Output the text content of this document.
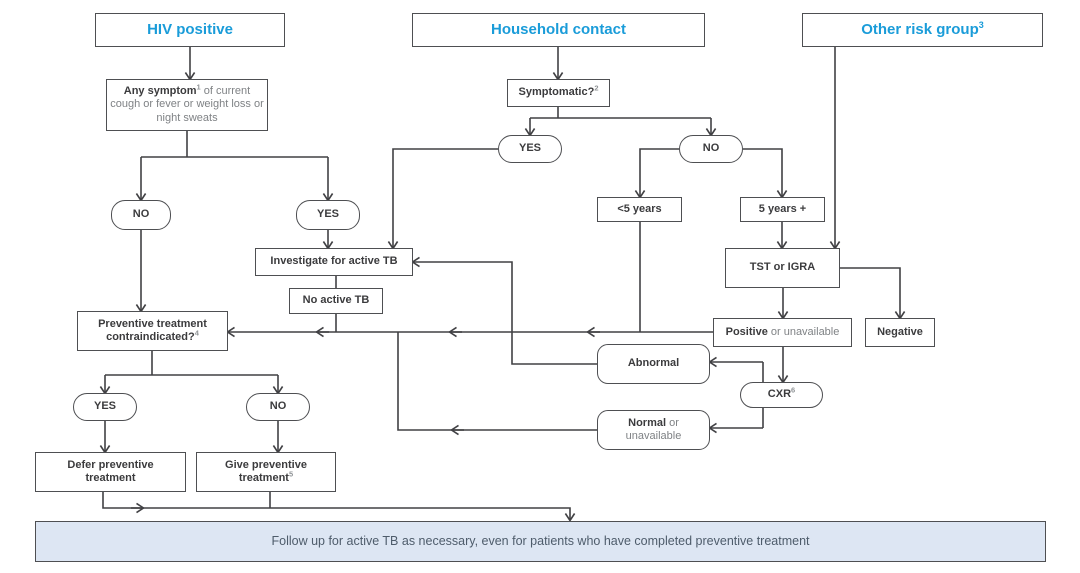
HIV positive	Household contact	Other risk group$^3$
Any symptom$^1$ of current cough or fever or weight loss or night sweats
NO	YES
Investigate for active TB
No active TB
Preventive treatment
contraindicated?$^4$
YES	NO
Defer preventive
treatment
Give preventive
treatment$^5$
Symptomatic?$^2$
YES	NO
<5 years	5 years +
TST or IGRA
Negative
Positive or unavailable
CXR$^6$
Abnormal
Normal or unavailable
Follow up for active TB as necessary, even for patients who have completed preventive treatment
